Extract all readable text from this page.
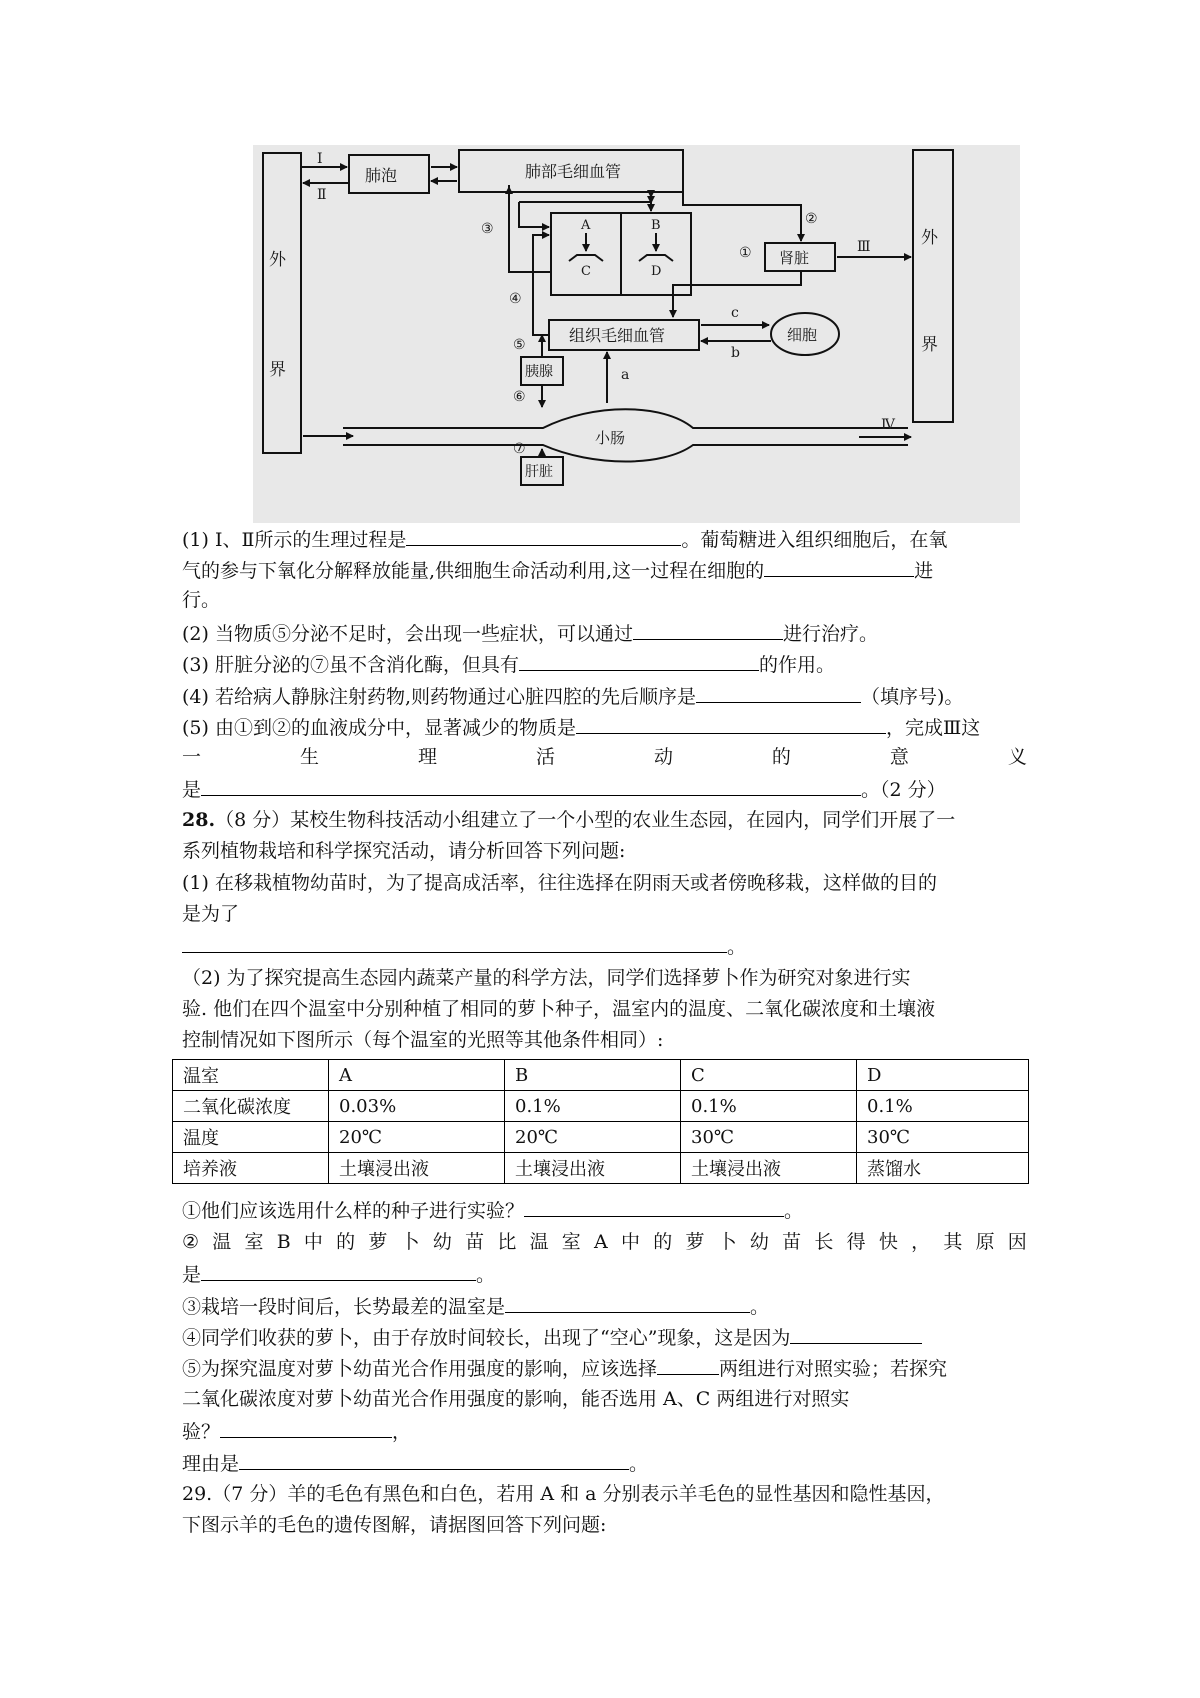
外
界
外
界
Ⅰ
Ⅱ
Ⅲ
Ⅳ
肺泡	肺部毛细血管
肾脏
组织毛细血管	细胞
胰腺
肝脏
小肠
A	B
C	D
①
②
③
④
⑤
⑥
⑦
a
b
c
(1) Ⅰ、Ⅱ所示的生理过程是	。葡萄糖进入组织细胞后，在氧
气的参与下氧化分解释放能量,供细胞生命活动利用,这一过程在细胞的	进
行。
(2) 当物质⑤分泌不足时，会出现一些症状，可以通过	进行治疗。
(3) 肝脏分泌的⑦虽不含消化酶，但具有	的作用。
(4) 若给病人静脉注射药物,则药物通过心脏四腔的先后顺序是	（填序号)。
(5) 由①到②的血液成分中，显著减少的物质是	，完成Ⅲ这
一	生	理	活	动	的	意	义
是	。（2 分）
28.（8 分）某校生物科技活动小组建立了一个小型的农业生态园，在园内，同学们开展了一
系列植物栽培和科学探究活动，请分析回答下列问题:
(1) 在移栽植物幼苗时，为了提高成活率，往往选择在阴雨天或者傍晚移栽，这样做的目的
是为了
。
（2) 为了探究提高生态园内蔬菜产量的科学方法，同学们选择萝卜作为研究对象进行实
验. 他们在四个温室中分别种植了相同的萝卜种子，温室内的温度、二氧化碳浓度和土壤液
控制情况如下图所示（每个温室的光照等其他条件相同）:
温室	A	B	C	D
二氧化碳浓度	0.03%	0.1%	0.1%	0.1%
温度	20℃	20℃	30℃	30℃
培养液	土壤浸出液	土壤浸出液	土壤浸出液	蒸馏水
①他们应该选用什么样的种子进行实验？	。
② 温 室 B 中 的 萝 卜 幼 苗 比 温 室 A 中 的 萝 卜 幼 苗 长 得 快 ， 其 原 因
是	。
③栽培一段时间后，长势最差的温室是	。
④同学们收获的萝卜，由于存放时间较长，出现了“空心”现象，这是因为
⑤为探究温度对萝卜幼苗光合作用强度的影响，应该选择	两组进行对照实验；若探究
二氧化碳浓度对萝卜幼苗光合作用强度的影响，能否选用 A、C 两组进行对照实
验？	，
理由是	。
29.（7 分）羊的毛色有黑色和白色，若用 A 和 a 分别表示羊毛色的显性基因和隐性基因，
下图示羊的毛色的遗传图解，请据图回答下列问题:
